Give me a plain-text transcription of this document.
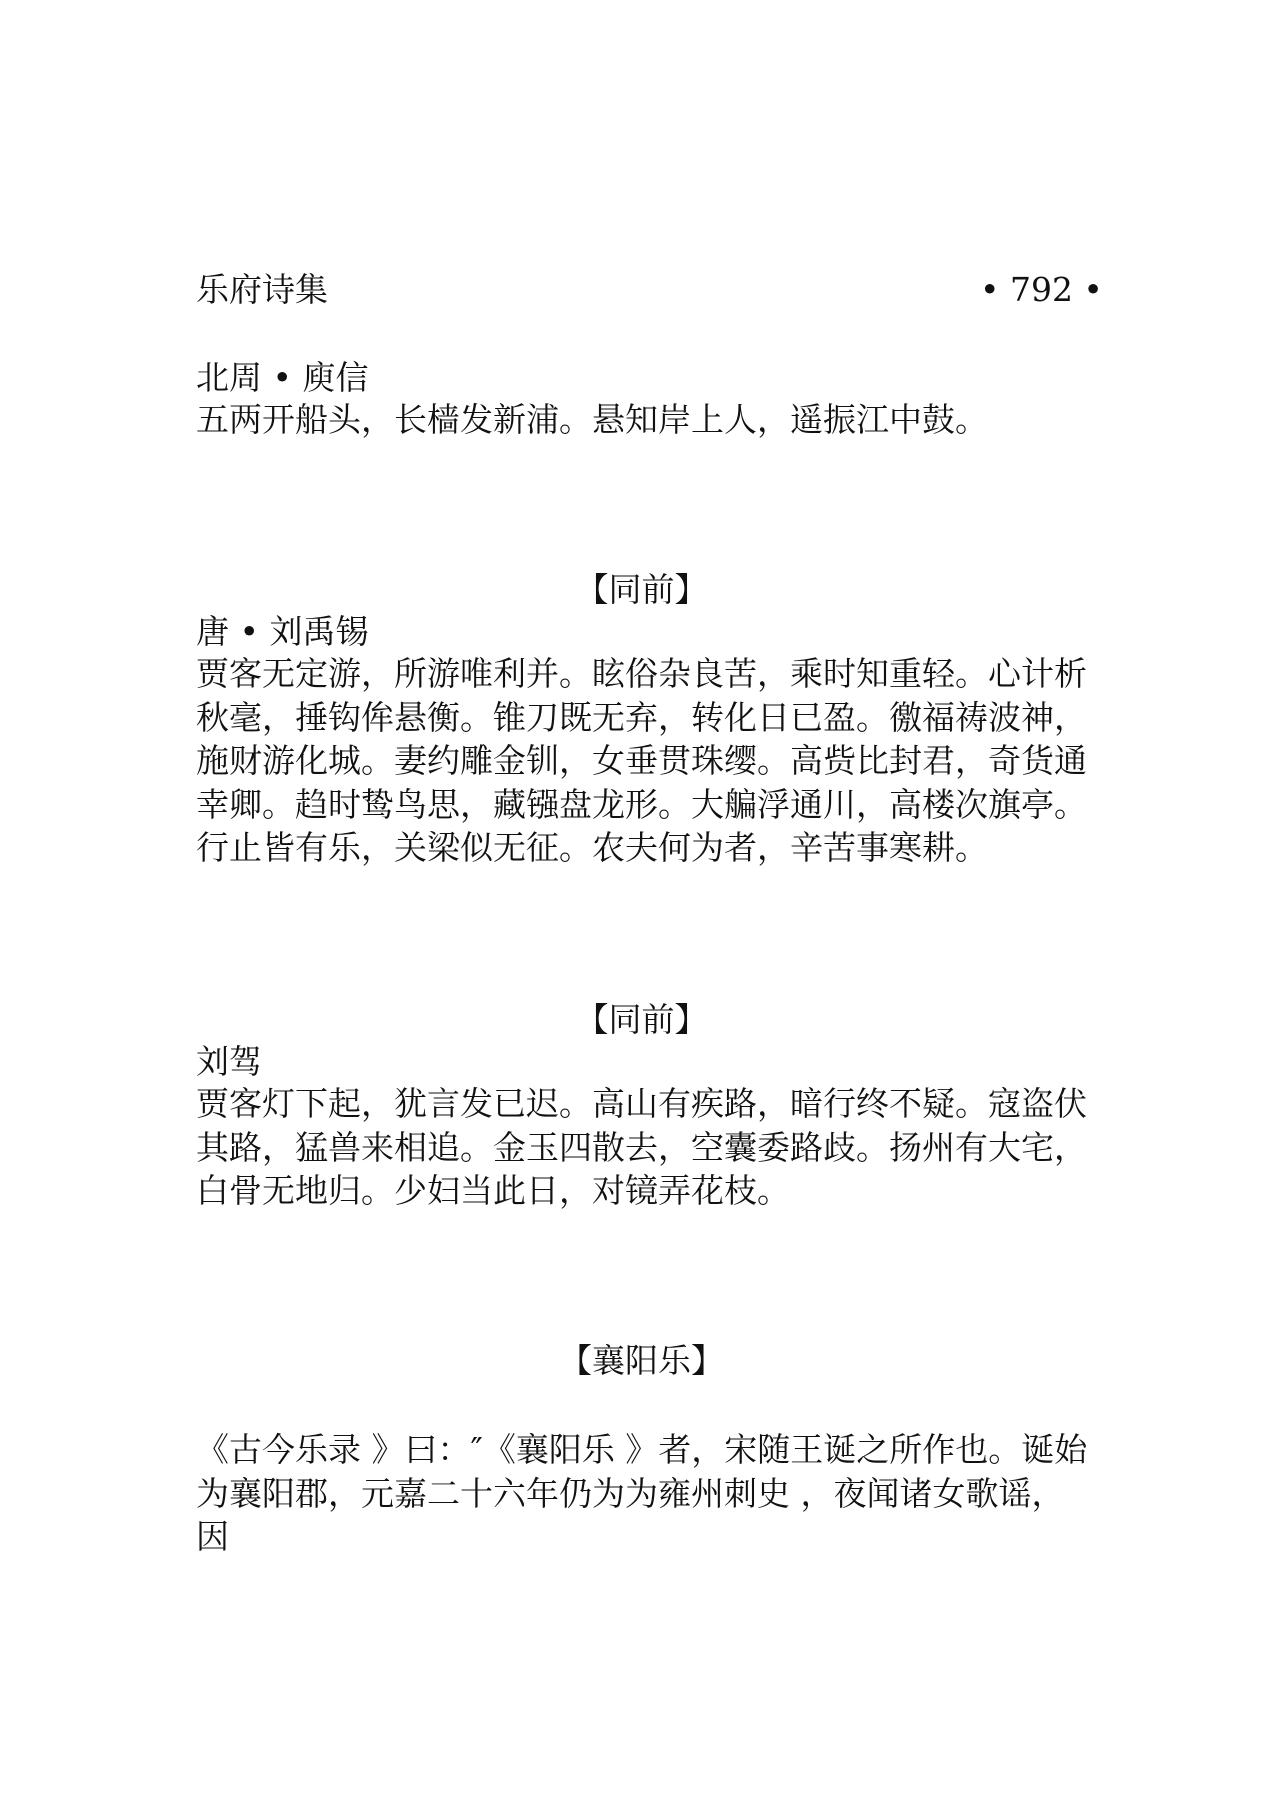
乐府诗集	• 792 •
北周 • 庾信

五两开船头，长樯发新浦。悬知岸上人，遥振江中鼓。

【同前】
唐 • 刘禹锡

贾客无定游，所游唯利并。眩俗杂良苦，乘时知重轻。心计析
秋毫，捶钩侔悬衡。锥刀既无弃，转化日已盈。徼福祷波神，
施财游化城。妻约雕金钏，女垂贯珠缨。高赀比封君，奇货通
幸卿。趋时鸷鸟思，藏镪盘龙形。大艑浮通川，高楼次旗亭。
行止皆有乐，关梁似无征。农夫何为者，辛苦事寒耕。

【同前】
刘驾

贾客灯下起，犹言发已迟。高山有疾路，暗行终不疑。寇盗伏
其路，猛兽来相追。金玉四散去，空囊委路歧。扬州有大宅，
白骨无地归。少妇当此日，对镜弄花枝。

【襄阳乐】

《古今乐录 》曰：″《襄阳乐 》者，宋随王诞之所作也。诞始
为襄阳郡，元嘉二十六年仍为为雍州刺史 ，夜闻诸女歌谣，因
